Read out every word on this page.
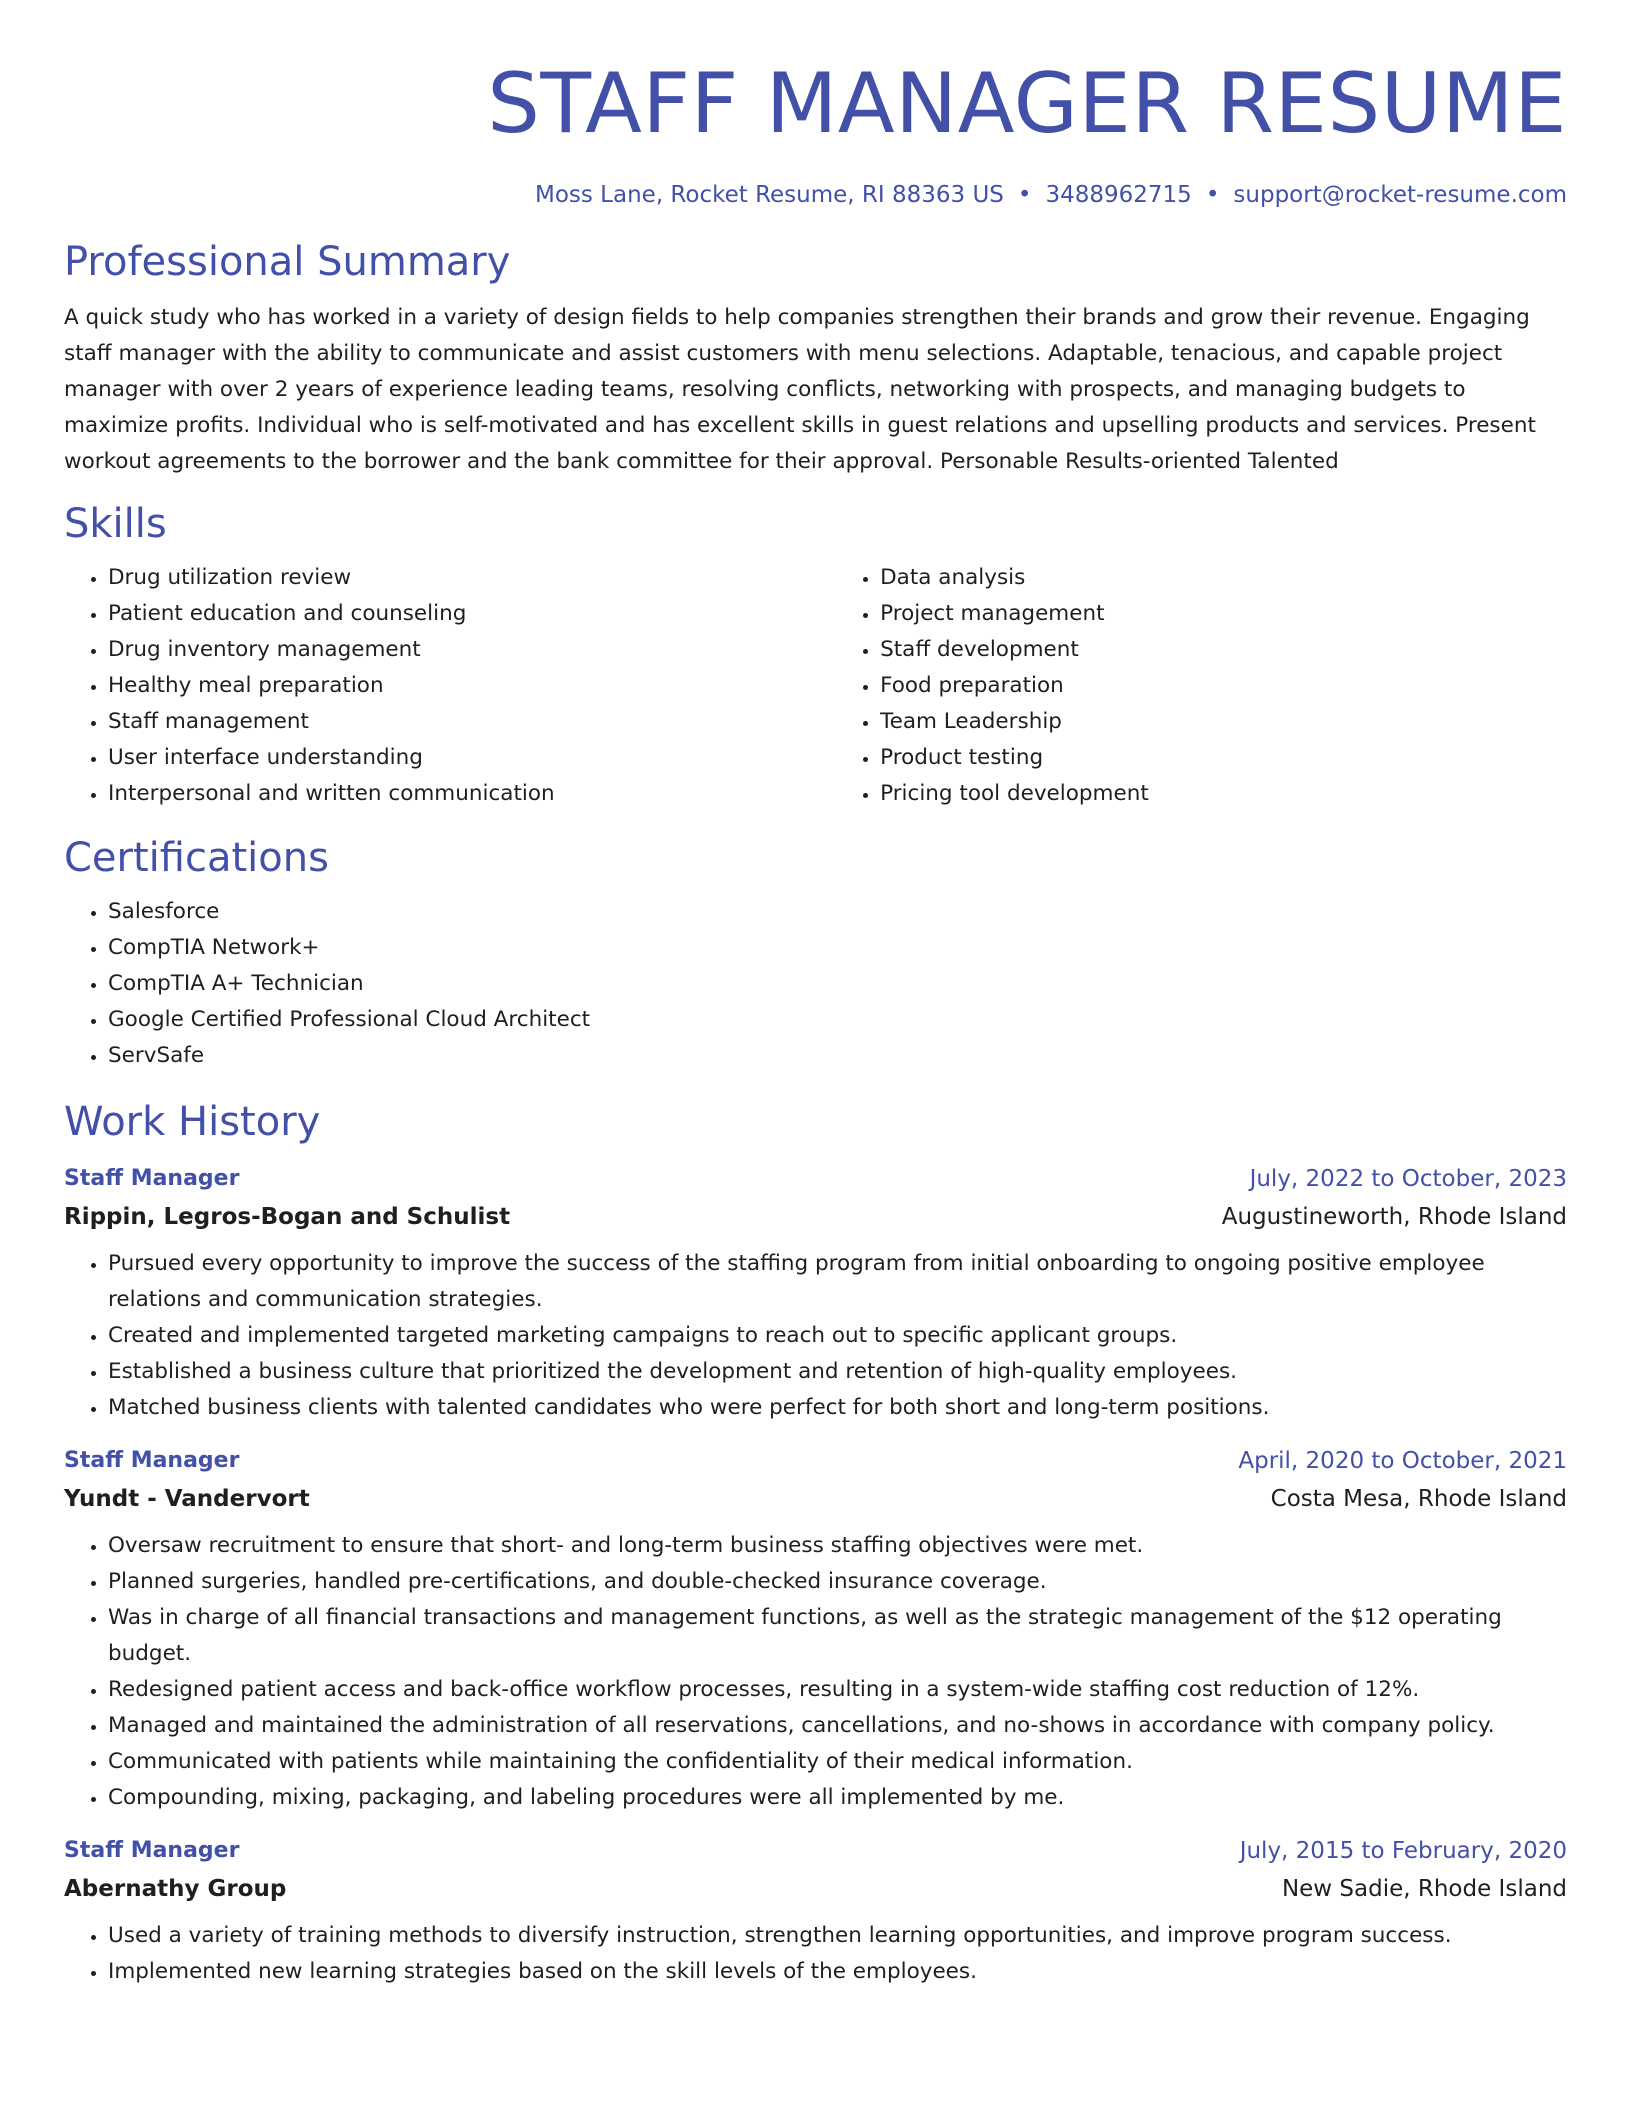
STAFF MANAGER RESUME
Moss Lane, Rocket Resume, RI 88363 US • 3488962715 • support@rocket-resume.com
Professional Summary
A quick study who has worked in a variety of design fields to help companies strengthen their brands and grow their revenue. Engaging staff manager with the ability to communicate and assist customers with menu selections. Adaptable, tenacious, and capable project manager with over 2 years of experience leading teams, resolving conflicts, networking with prospects, and managing budgets to maximize profits. Individual who is self-motivated and has excellent skills in guest relations and upselling products and services. Present workout agreements to the borrower and the bank committee for their approval. Personable Results-oriented Talented
Skills
• Drug utilization review
• Patient education and counseling
• Drug inventory management
• Healthy meal preparation
• Staff management
• User interface understanding
• Interpersonal and written communication
• Data analysis
• Project management
• Staff development
• Food preparation
• Team Leadership
• Product testing
• Pricing tool development
Certifications
• Salesforce
• CompTIA Network+
• CompTIA A+ Technician
• Google Certified Professional Cloud Architect
• ServSafe
Work History
Staff Manager	July, 2022 to October, 2023
Rippin, Legros-Bogan and Schulist	Augustineworth, Rhode Island
• Pursued every opportunity to improve the success of the staffing program from initial onboarding to ongoing positive employee relations and communication strategies.
• Created and implemented targeted marketing campaigns to reach out to specific applicant groups.
• Established a business culture that prioritized the development and retention of high-quality employees.
• Matched business clients with talented candidates who were perfect for both short and long-term positions.
Staff Manager	April, 2020 to October, 2021
Yundt - Vandervort	Costa Mesa, Rhode Island
• Oversaw recruitment to ensure that short- and long-term business staffing objectives were met.
• Planned surgeries, handled pre-certifications, and double-checked insurance coverage.
• Was in charge of all financial transactions and management functions, as well as the strategic management of the $12 operating budget.
• Redesigned patient access and back-office workflow processes, resulting in a system-wide staffing cost reduction of 12%.
• Managed and maintained the administration of all reservations, cancellations, and no-shows in accordance with company policy.
• Communicated with patients while maintaining the confidentiality of their medical information.
• Compounding, mixing, packaging, and labeling procedures were all implemented by me.
Staff Manager	July, 2015 to February, 2020
Abernathy Group	New Sadie, Rhode Island
• Used a variety of training methods to diversify instruction, strengthen learning opportunities, and improve program success.
• Implemented new learning strategies based on the skill levels of the employees.
